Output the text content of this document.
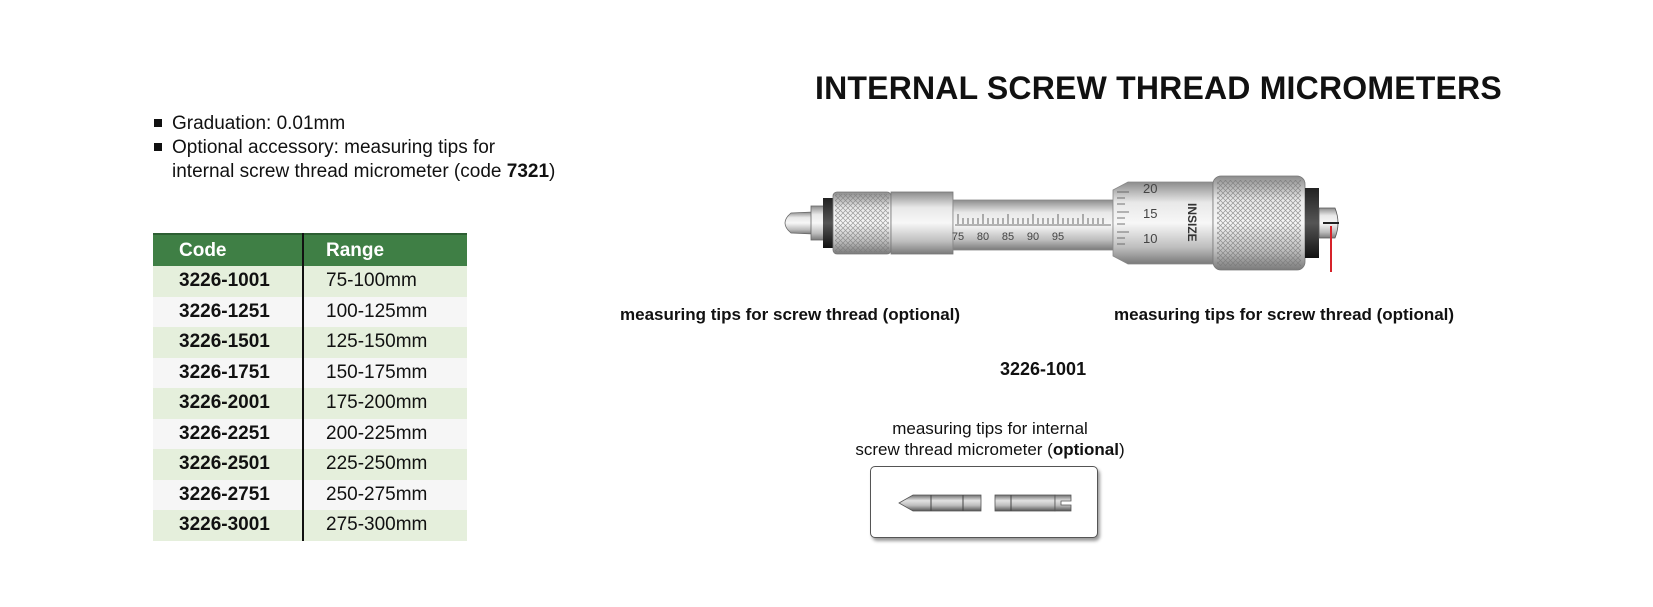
INTERNAL SCREW THREAD MICROMETERS
Graduation: 0.01mm
Optional accessory: measuring tips for
internal screw thread micrometer (code 7321)
Code	Range
3226-1001	75-100mm
3226-1251	100-125mm
3226-1501	125-150mm
3226-1751	150-175mm
3226-2001	175-200mm
3226-2251	200-225mm
3226-2501	225-250mm
3226-2751	250-275mm
3226-3001	275-300mm
75 80 85 90 95
20
15
10 INSIZE
measuring tips for screw thread (optional)	measuring tips for screw thread (optional)
3226-1001
measuring tips for internal
screw thread micrometer (optional)
